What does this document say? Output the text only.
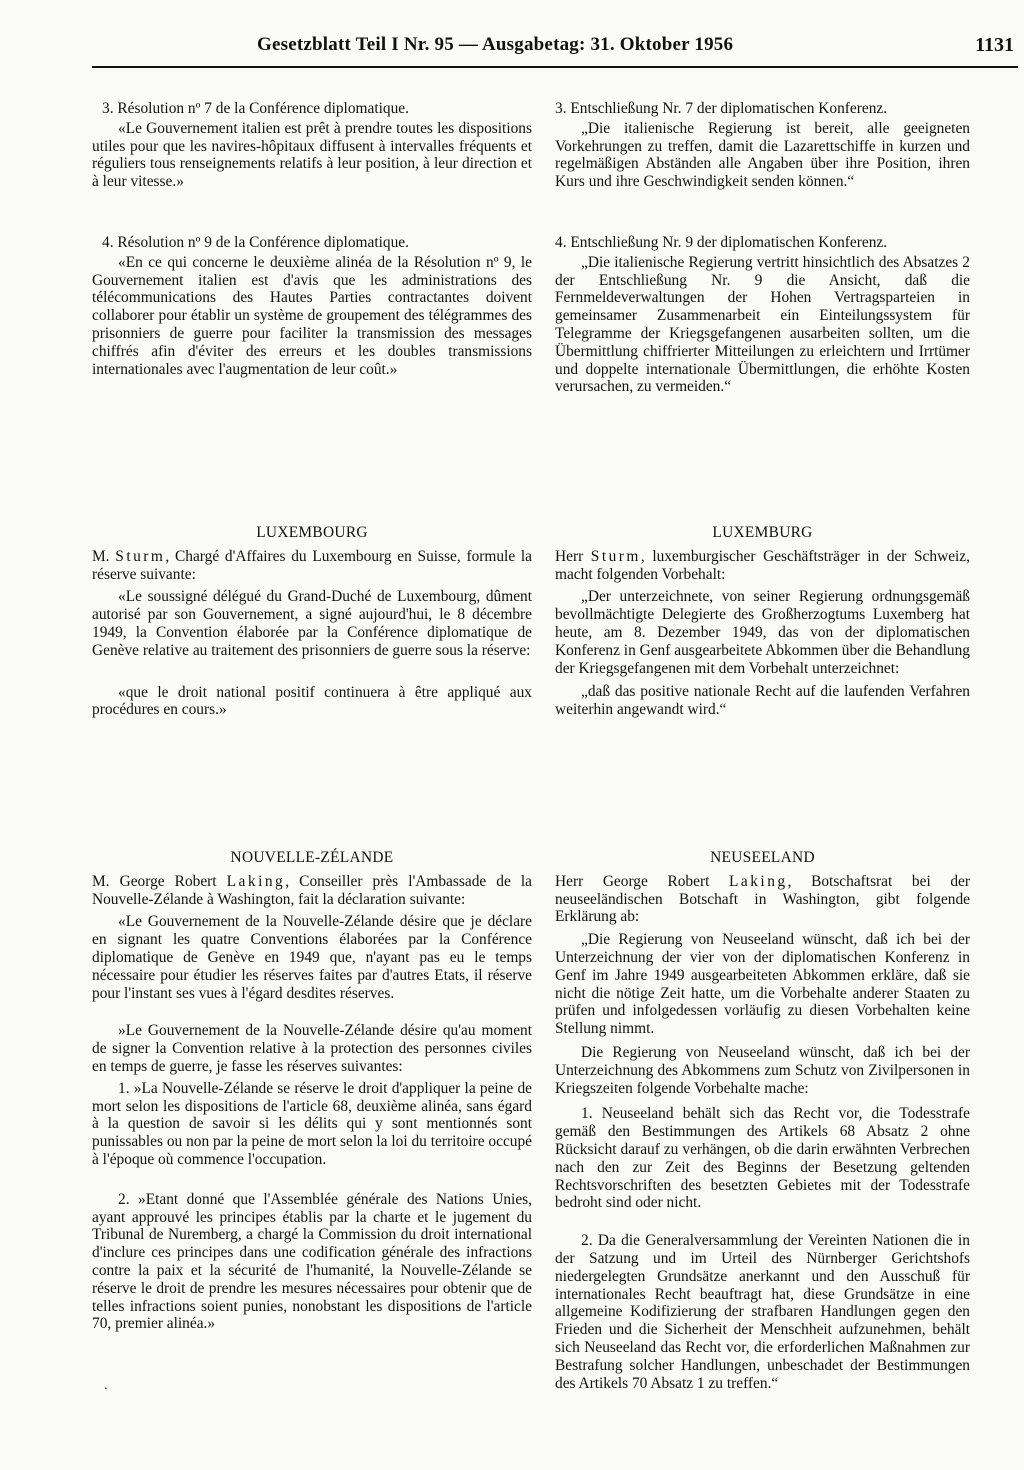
Gesetzblatt Teil I Nr. 95 — Ausgabetag: 31. Oktober 1956	1131
3. Résolution nº 7 de la Conférence diplomatique.

«Le Gouvernement italien est prêt à prendre toutes les dispositions utiles pour que les navires-hôpitaux diffusent à intervalles fréquents et réguliers tous renseignements relatifs à leur position, à leur direction et à leur vitesse.»

4. Résolution nº 9 de la Conférence diplomatique.

«En ce qui concerne le deuxième alinéa de la Résolution nº 9, le Gouvernement italien est d'avis que les administrations des télécommunications des Hautes Parties contractantes doivent collaborer pour établir un système de groupement des télégrammes des prisonniers de guerre pour faciliter la transmission des messages chiffrés afin d'éviter des erreurs et les doubles transmissions internationales avec l'augmentation de leur coût.»

LUXEMBOURG

M. Sturm, Chargé d'Affaires du Luxembourg en Suisse, formule la réserve suivante:

«Le soussigné délégué du Grand-Duché de Luxembourg, dûment autorisé par son Gouvernement, a signé aujourd'hui, le 8 décembre 1949, la Convention élaborée par la Conférence diplomatique de Genève relative au traitement des prisonniers de guerre sous la réserve:

«que le droit national positif continuera à être appliqué aux procédures en cours.»

NOUVELLE-ZÉLANDE

M. George Robert Laking, Conseiller près l'Ambassade de la Nouvelle-Zélande à Washington, fait la déclaration suivante:

«Le Gouvernement de la Nouvelle-Zélande désire que je déclare en signant les quatre Conventions élaborées par la Conférence diplomatique de Genève en 1949 que, n'ayant pas eu le temps nécessaire pour étudier les réserves faites par d'autres Etats, il réserve pour l'instant ses vues à l'égard desdites réserves.

»Le Gouvernement de la Nouvelle-Zélande désire qu'au moment de signer la Convention relative à la protection des personnes civiles en temps de guerre, je fasse les réserves suivantes:

1. »La Nouvelle-Zélande se réserve le droit d'appliquer la peine de mort selon les dispositions de l'article 68, deuxième alinéa, sans égard à la question de savoir si les délits qui y sont mentionnés sont punissables ou non par la peine de mort selon la loi du territoire occupé à l'époque où commence l'occupation.

2. »Etant donné que l'Assemblée générale des Nations Unies, ayant approuvé les principes établis par la charte et le jugement du Tribunal de Nuremberg, a chargé la Commission du droit international d'inclure ces principes dans une codification générale des infractions contre la paix et la sécurité de l'humanité, la Nouvelle-Zélande se réserve le droit de prendre les mesures nécessaires pour obtenir que de telles infractions soient punies, nonobstant les dispositions de l'article 70, premier alinéa.»

3. Entschließung Nr. 7 der diplomatischen Konferenz.

„Die italienische Regierung ist bereit, alle geeigneten Vorkehrungen zu treffen, damit die Lazarettschiffe in kurzen und regelmäßigen Abständen alle Angaben über ihre Position, ihren Kurs und ihre Geschwindigkeit senden können.“

4. Entschließung Nr. 9 der diplomatischen Konferenz.

„Die italienische Regierung vertritt hinsichtlich des Absatzes 2 der Entschließung Nr. 9 die Ansicht, daß die Fernmeldeverwaltungen der Hohen Vertragsparteien in gemeinsamer Zusammenarbeit ein Einteilungssystem für Telegramme der Kriegsgefangenen ausarbeiten sollten, um die Übermittlung chiffrierter Mitteilungen zu erleichtern und Irrtümer und doppelte internationale Übermittlungen, die erhöhte Kosten verursachen, zu vermeiden.“

LUXEMBURG

Herr Sturm, luxemburgischer Geschäftsträger in der Schweiz, macht folgenden Vorbehalt:

„Der unterzeichnete, von seiner Regierung ordnungsgemäß bevollmächtigte Delegierte des Großherzogtums Luxemberg hat heute, am 8. Dezember 1949, das von der diplomatischen Konferenz in Genf ausgearbeitete Abkommen über die Behandlung der Kriegsgefangenen mit dem Vorbehalt unterzeichnet:

„daß das positive nationale Recht auf die laufenden Verfahren weiterhin angewandt wird.“

NEUSEELAND

Herr George Robert Laking, Botschaftsrat bei der neuseeländischen Botschaft in Washington, gibt folgende Erklärung ab:

„Die Regierung von Neuseeland wünscht, daß ich bei der Unterzeichnung der vier von der diplomatischen Konferenz in Genf im Jahre 1949 ausgearbeiteten Abkommen erkläre, daß sie nicht die nötige Zeit hatte, um die Vorbehalte anderer Staaten zu prüfen und infolgedessen vorläufig zu diesen Vorbehalten keine Stellung nimmt.

Die Regierung von Neuseeland wünscht, daß ich bei der Unterzeichnung des Abkommens zum Schutz von Zivilpersonen in Kriegszeiten folgende Vorbehalte mache:

1. Neuseeland behält sich das Recht vor, die Todesstrafe gemäß den Bestimmungen des Artikels 68 Absatz 2 ohne Rücksicht darauf zu verhängen, ob die darin erwähnten Verbrechen nach den zur Zeit des Beginns der Besetzung geltenden Rechtsvorschriften des besetzten Gebietes mit der Todesstrafe bedroht sind oder nicht.

2. Da die Generalversammlung der Vereinten Nationen die in der Satzung und im Urteil des Nürnberger Gerichtshofs niedergelegten Grundsätze anerkannt und den Ausschuß für internationales Recht beauftragt hat, diese Grundsätze in eine allgemeine Kodifizierung der strafbaren Handlungen gegen den Frieden und die Sicherheit der Menschheit aufzunehmen, behält sich Neuseeland das Recht vor, die erforderlichen Maßnahmen zur Bestrafung solcher Handlungen, unbeschadet der Bestimmungen des Artikels 70 Absatz 1 zu treffen.“

.
